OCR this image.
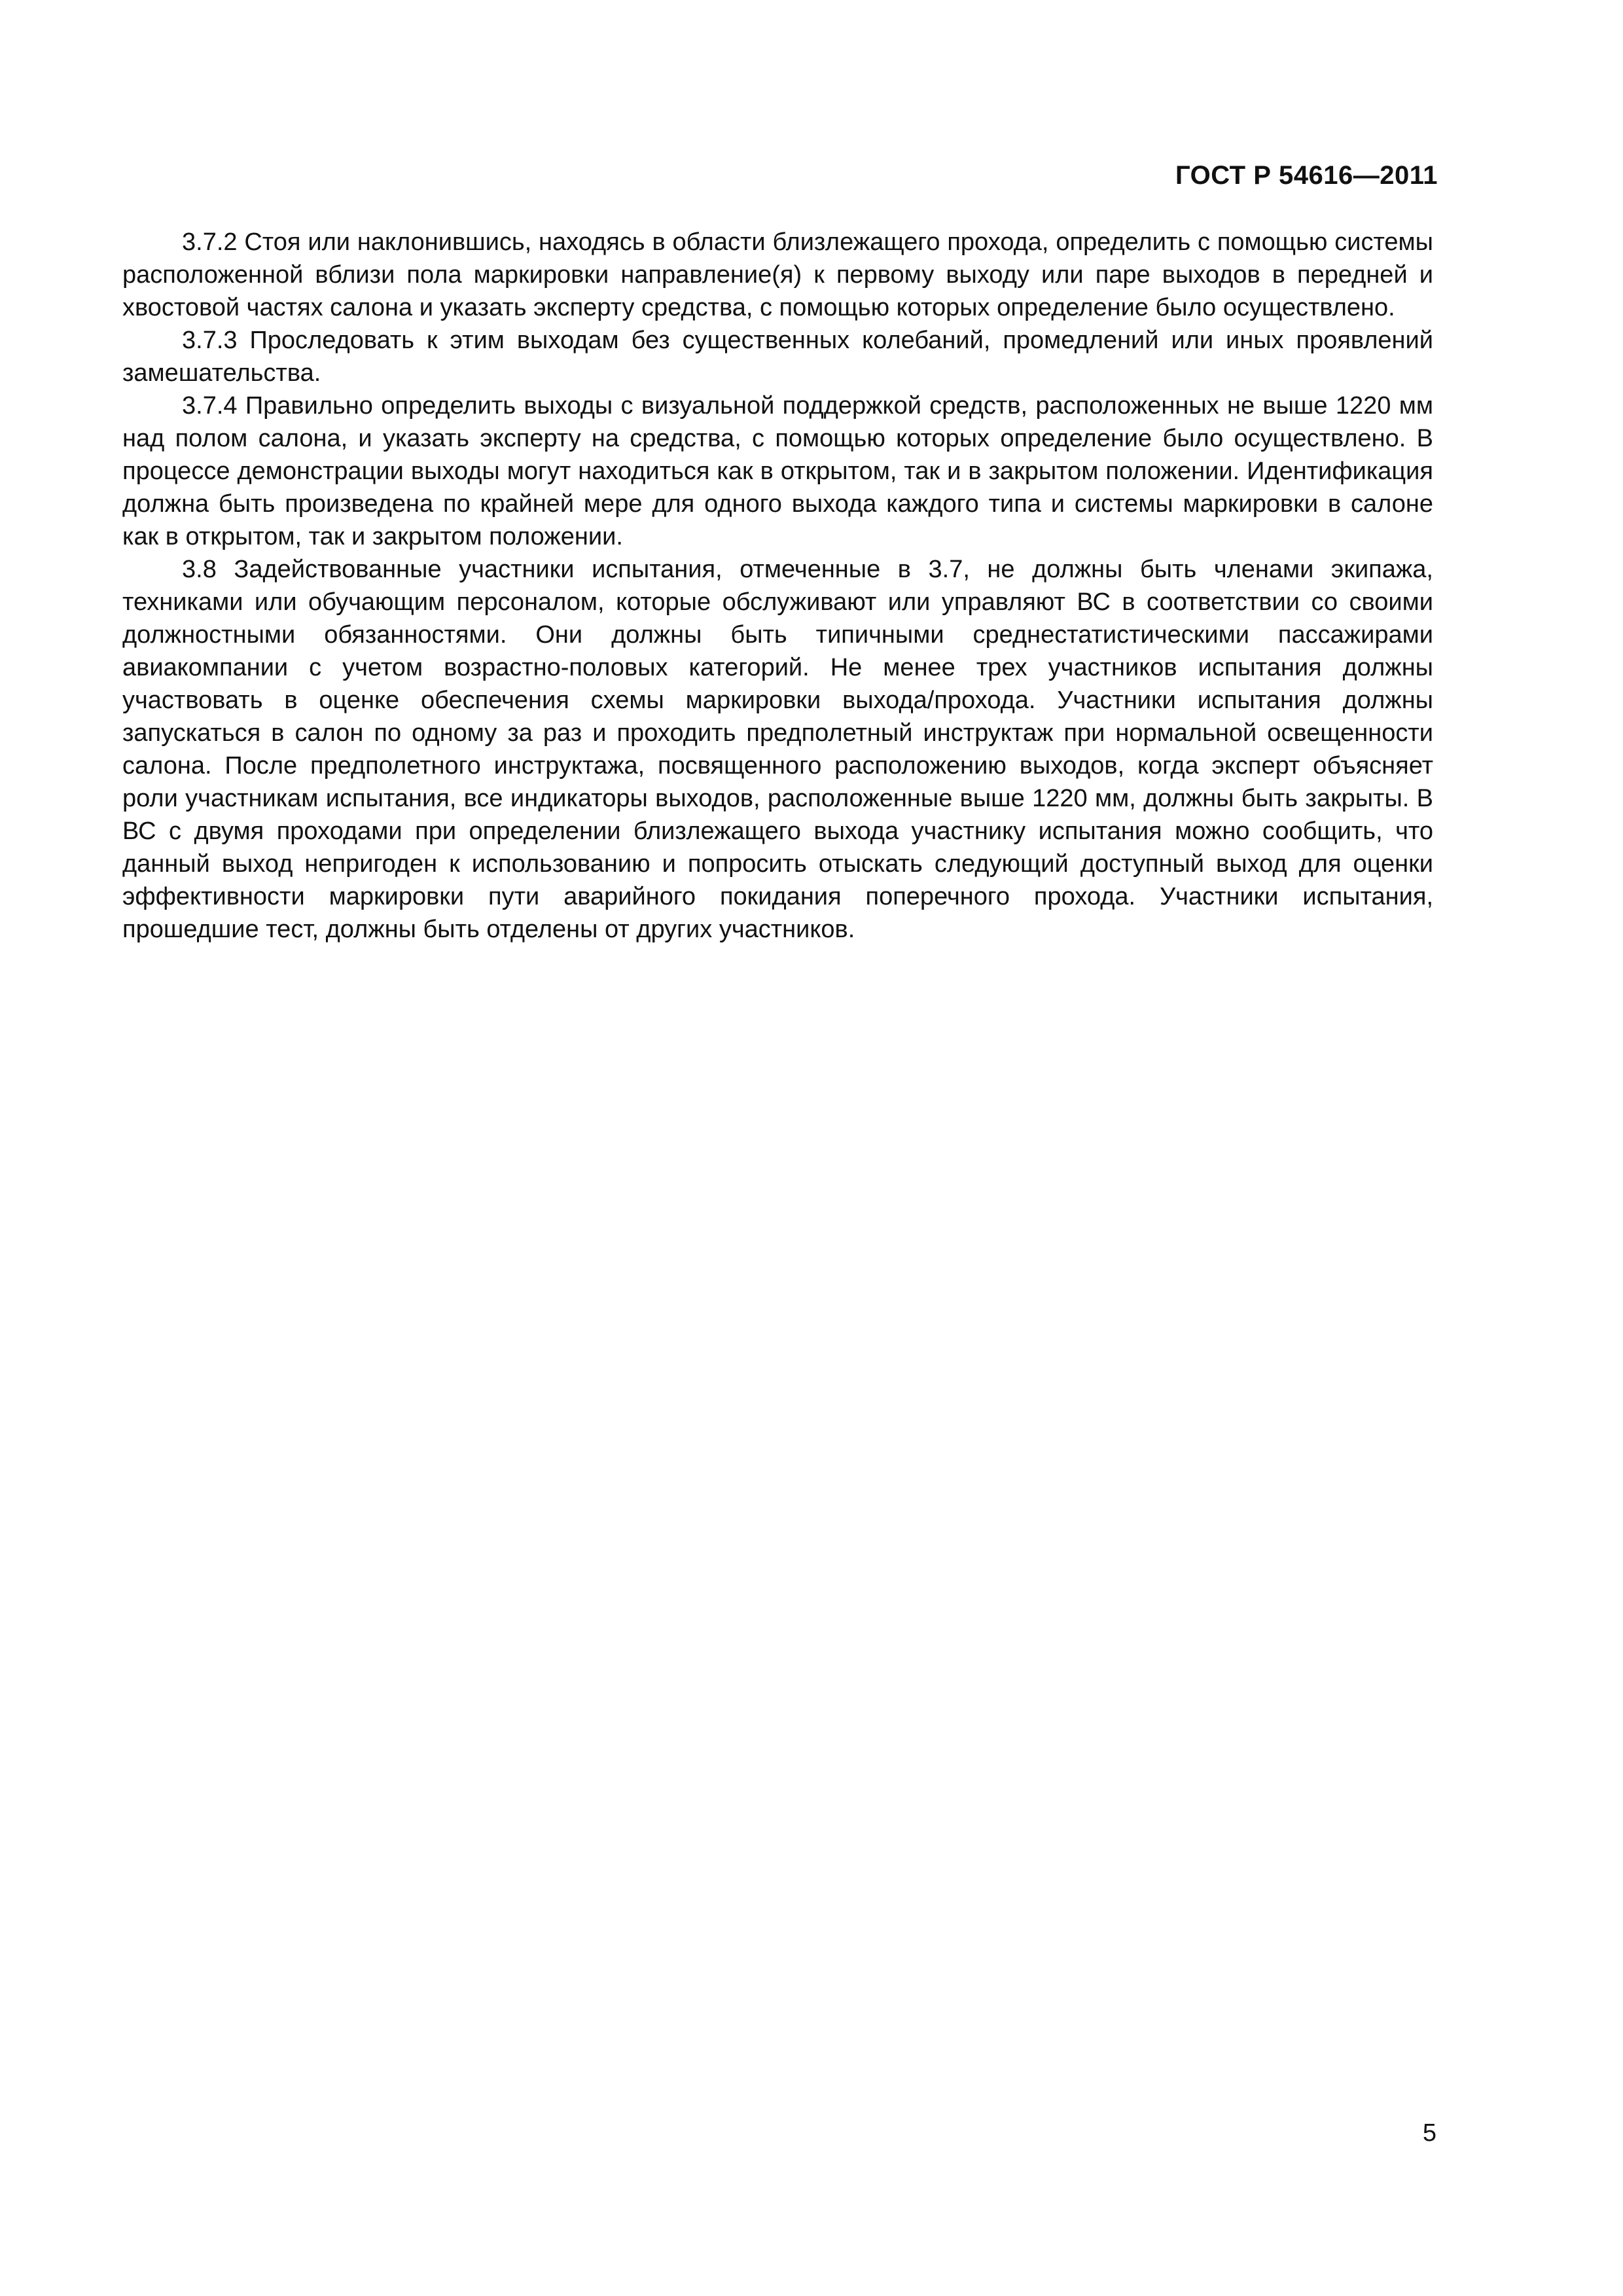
ГОСТ Р 54616—2011

3.7.2 Стоя или наклонившись, находясь в области близлежащего прохода, определить с помощью системы расположенной вблизи пола маркировки направление(я) к первому выходу или паре выходов в передней и хвостовой частях салона и указать эксперту средства, с помощью которых определение было осуществлено.

3.7.3 Проследовать к этим выходам без существенных колебаний, промедлений или иных проявлений замешательства.

3.7.4 Правильно определить выходы с визуальной поддержкой средств, расположенных не выше 1220 мм над полом салона, и указать эксперту на средства, с помощью которых определение было осуществлено. В процессе демонстрации выходы могут находиться как в открытом, так и в закрытом положении. Идентификация должна быть произведена по крайней мере для одного выхода каждого типа и системы маркировки в салоне как в открытом, так и закрытом положении.

3.8 Задействованные участники испытания, отмеченные в 3.7, не должны быть членами экипажа, техниками или обучающим персоналом, которые обслуживают или управляют ВС в соответствии со своими должностными обязанностями. Они должны быть типичными среднестатистическими пассажирами авиакомпании с учетом возрастно-половых категорий. Не менее трех участников испытания должны участвовать в оценке обеспечения схемы маркировки выхода/прохода. Участники испытания должны запускаться в салон по одному за раз и проходить предполетный инструктаж при нормальной освещенности салона. После предполетного инструктажа, посвященного расположению выходов, когда эксперт объясняет роли участникам испытания, все индикаторы выходов, расположенные выше 1220 мм, должны быть закрыты. В ВС с двумя проходами при определении близлежащего выхода участнику испытания можно сообщить, что данный выход непригоден к использованию и попросить отыскать следующий доступный выход для оценки эффективности маркировки пути аварийного покидания поперечного прохода. Участники испытания, прошедшие тест, должны быть отделены от других участников.

5
